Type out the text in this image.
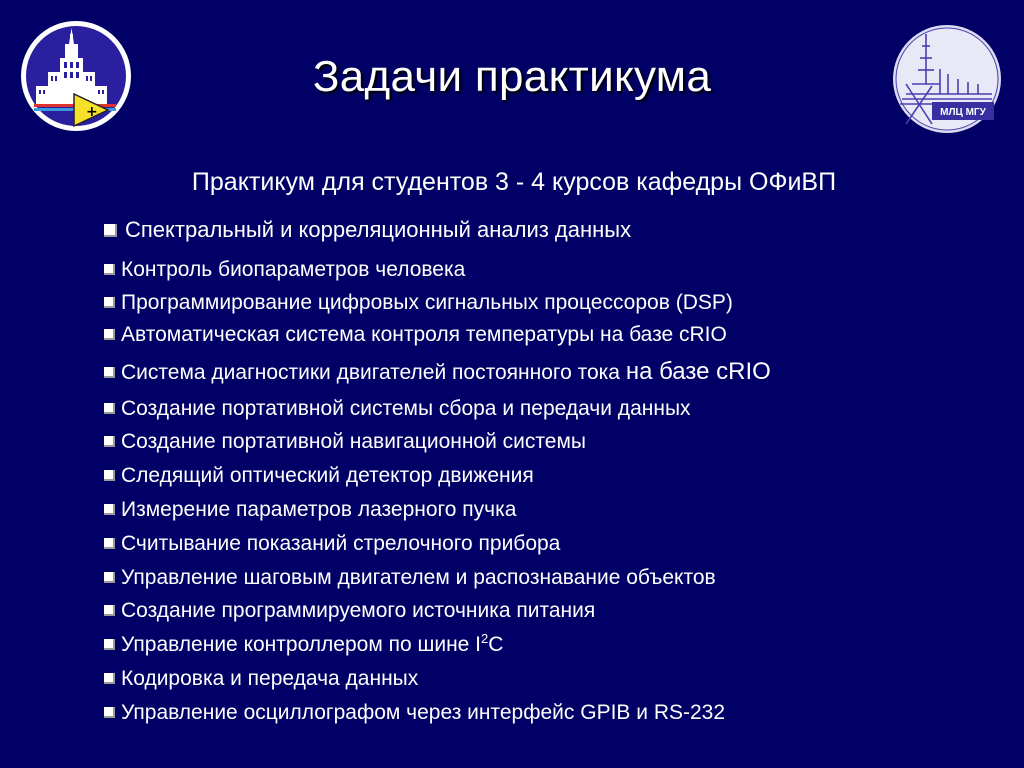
+	МЛЦ МГУ
Задачи практикума
Практикум для студентов 3 - 4 курсов кафедры ОФиВП
Спектральный и корреляционный анализ данных
Контроль биопараметров человека
Программирование цифровых сигнальных процессоров (DSP)
Автоматическая система контроля температуры на базе cRIO
Система диагностики двигателей постоянного тока на базе cRIO
Создание портативной системы сбора и передачи данных
Создание портативной навигационной системы
Следящий оптический детектор движения
Измерение параметров лазерного пучка
Считывание показаний стрелочного прибора
Управление шаговым двигателем и распознавание объектов
Создание программируемого источника питания
Управление контроллером по шине $I^2C$
Кодировка и передача данных
Управление осциллографом через интерфейс GPIB и RS-232
